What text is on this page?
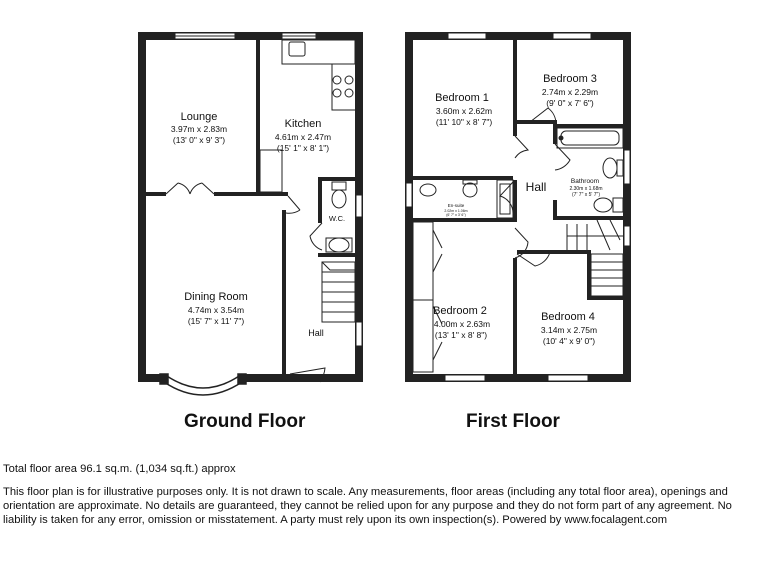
Lounge
3.97m x 2.83m
(13' 0" x 9' 3")
Kitchen
4.61m x 2.47m
(15' 1" x 8' 1")
W.C.
Dining Room
4.74m x 3.54m
(15' 7" x 11' 7")
Hall
Bedroom 1
3.60m x 2.62m
(11' 10" x 8' 7")
Bedroom 3
2.74m x 2.29m
(9' 0" x 7' 6")
Bathroom
2.30m x 1.68m
(7' 7" x 5' 7")
En-suite
2.02m x 1.06m
(6' 7" x 3' 6")
Hall
Bedroom 2
4.00m x 2.63m
(13' 1" x 8' 8")
Bedroom 4
3.14m x 2.75m
(10' 4" x 9' 0")
Ground Floor	First Floor
Total floor area 96.1 sq.m. (1,034 sq.ft.) approx
This floor plan is for illustrative purposes only. It is not drawn to scale. Any measurements, floor areas (including any total floor area), openings and orientation are approximate. No details are guaranteed, they cannot be relied upon for any purpose and they do not form part of any agreement. No liability is taken for any error, omission or misstatement. A party must rely upon its own inspection(s). Powered by www.focalagent.com
